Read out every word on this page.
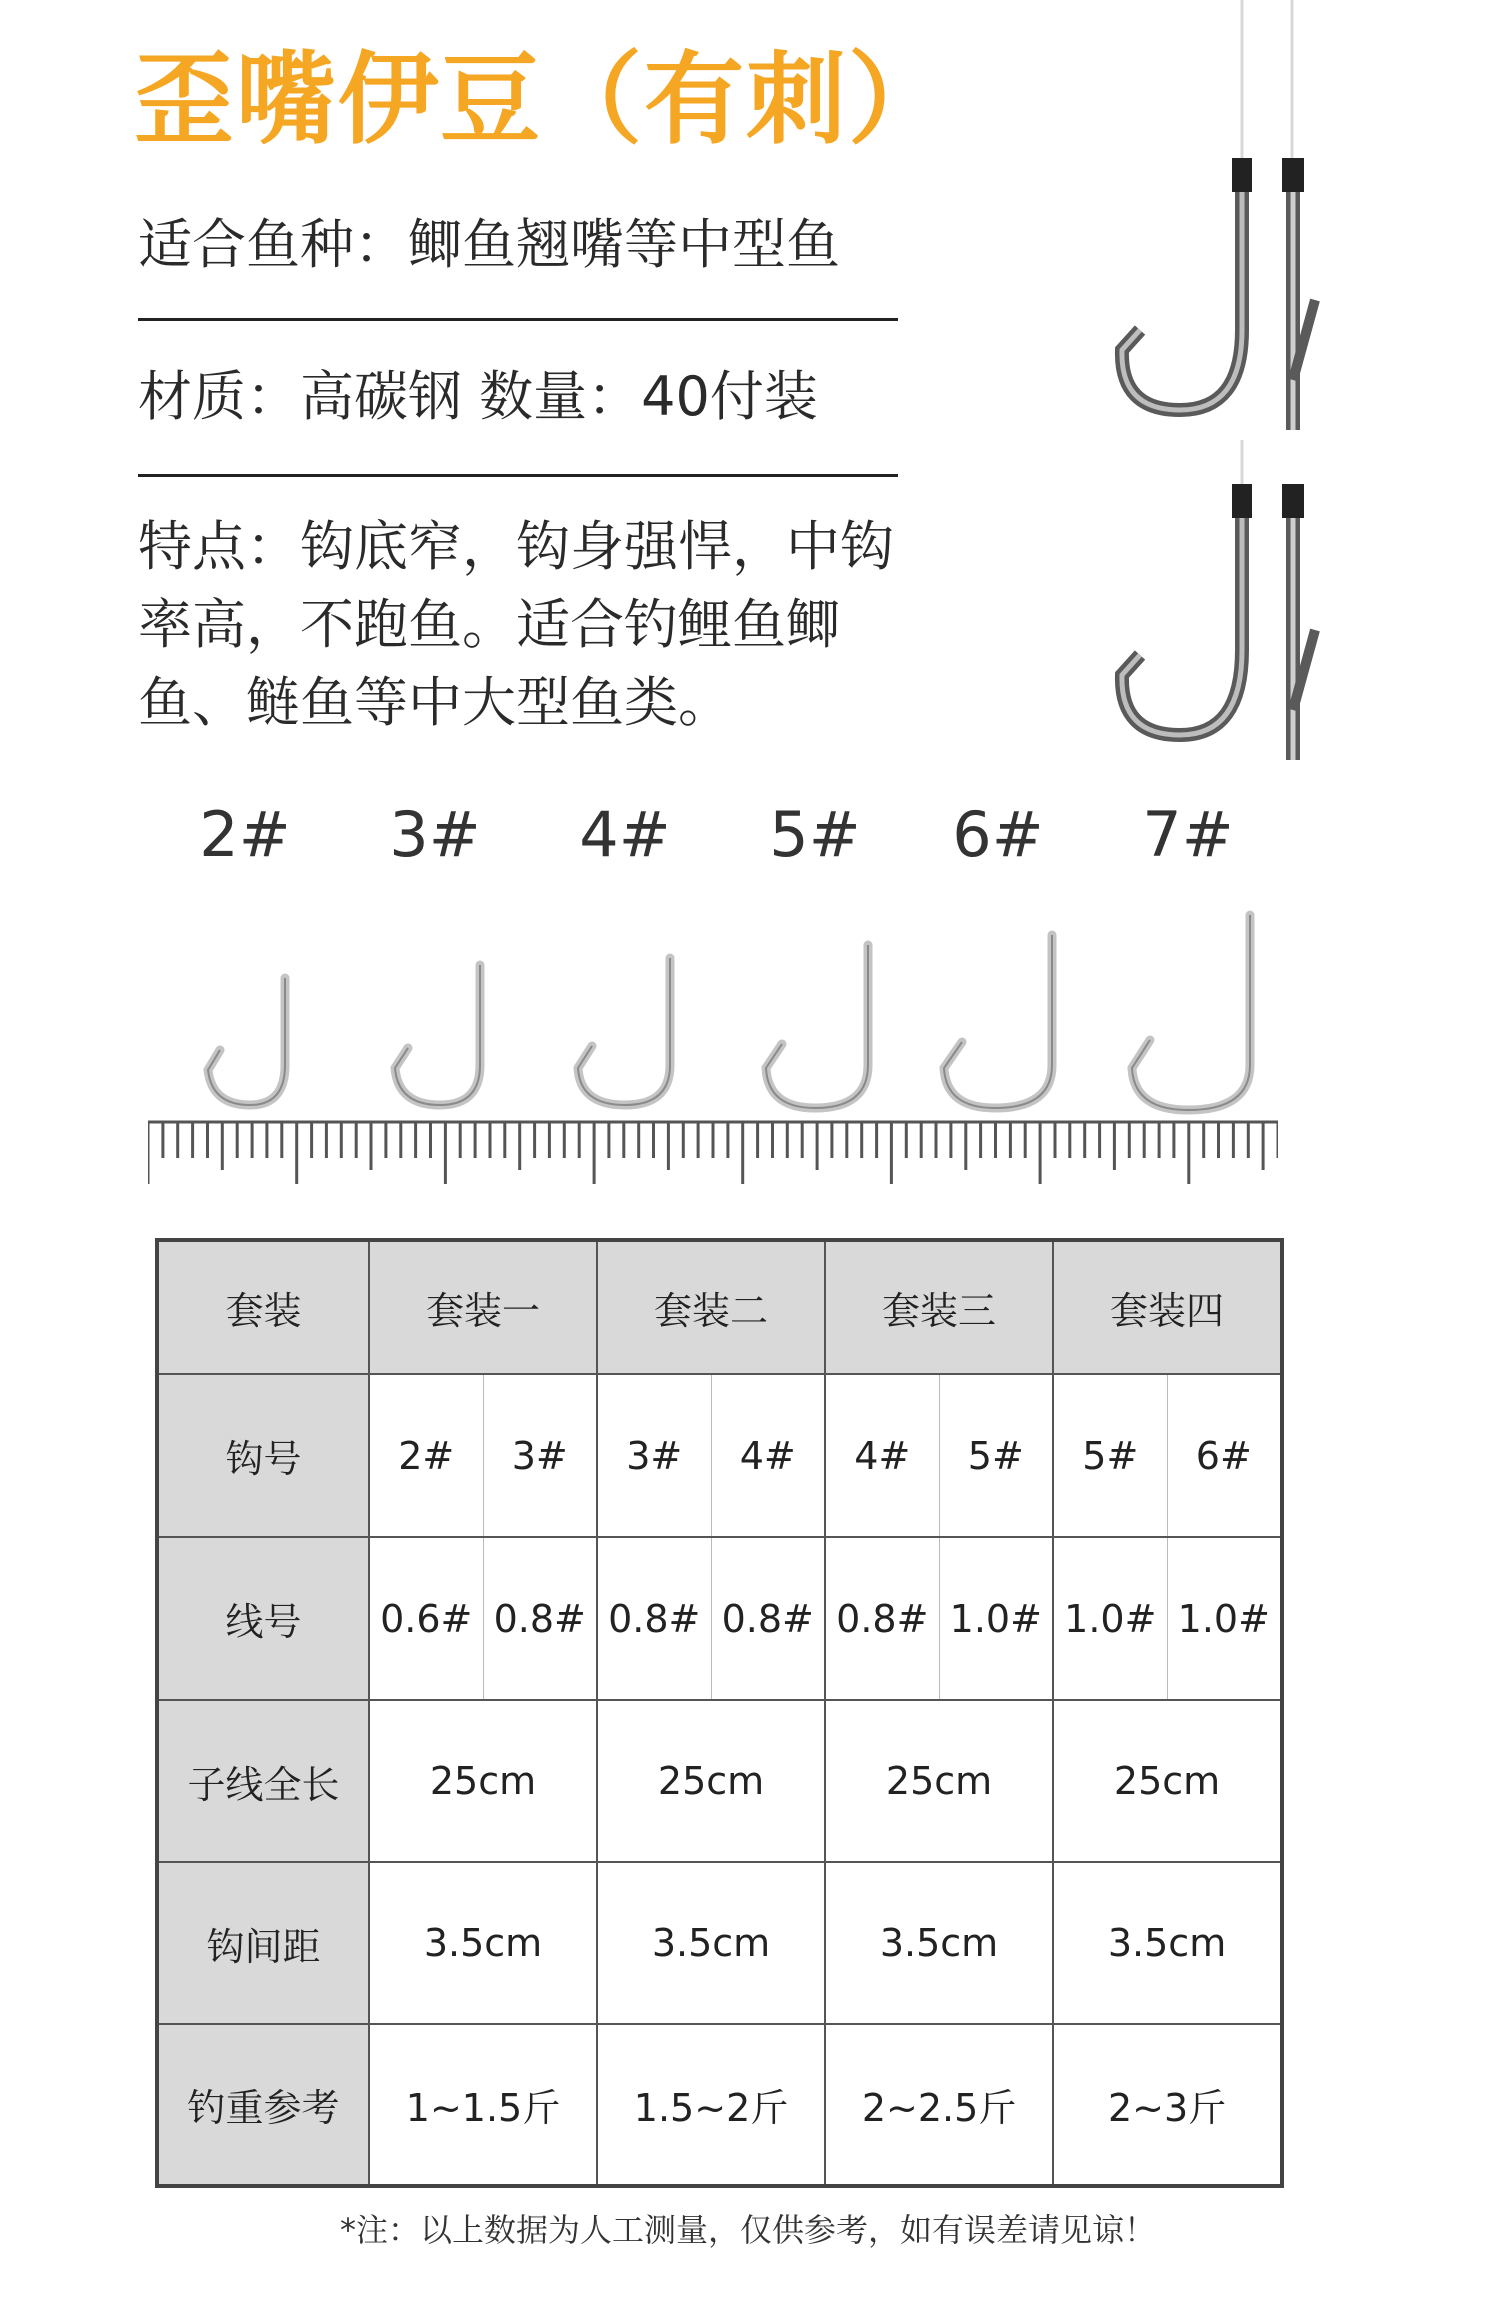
歪嘴伊豆（有刺）
适合鱼种：鲫鱼翘嘴等中型鱼
材质：高碳钢 数量：40付装
特点：钩底窄，钩身强悍，中钩率高，不跑鱼。适合钓鲤鱼鲫鱼、鲢鱼等中大型鱼类。
2# 3# 4# 5# 6# 7#
套装	套装一		套装二		套装三		套装四	
钩号	2#	3#	3#	4#	4#	5#	5#	6#
线号	0.6#	0.8#	0.8#	0.8#	0.8#	1.0#	1.0#	1.0#
子线全长	25cm		25cm		25cm		25cm	
钩间距	3.5cm		3.5cm		3.5cm		3.5cm	
钓重参考	1~1.5斤		1.5~2斤		2~2.5斤		2~3斤	
*注：以上数据为人工测量，仅供参考，如有误差请见谅！
